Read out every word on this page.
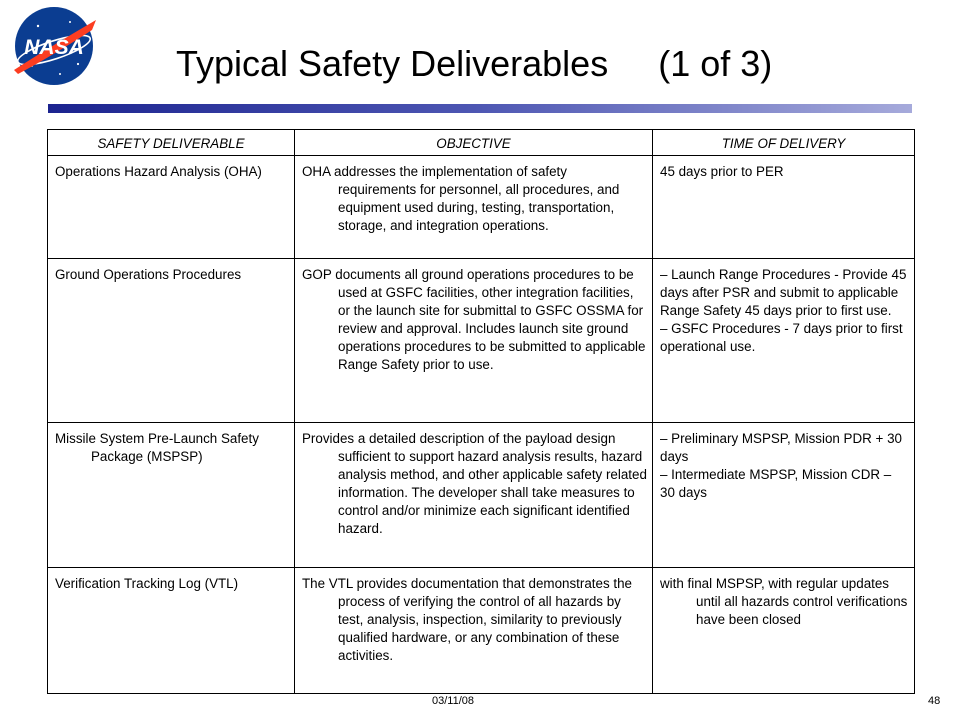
NASA	Typical Safety Deliverables     (1 of 3)
SAFETY DELIVERABLE	OBJECTIVE	TIME OF DELIVERY

Operations Hazard Analysis (OHA)	OHA addresses the implementation of safety requirements for personnel, all procedures, and equipment used during, testing, transportation, storage, and integration operations.	45 days prior to PER

Ground Operations Procedures	GOP documents all ground operations procedures to be used at GSFC facilities, other integration facilities, or the launch site for submittal to GSFC OSSMA for review and approval. Includes launch site ground operations procedures to be submitted to applicable Range Safety prior to use.	– Launch Range Procedures - Provide 45 days after PSR and submit to applicable Range Safety 45 days prior to first use.
– GSFC Procedures - 7 days prior to first operational use.

Missile System Pre-Launch Safety Package (MSPSP)	Provides a detailed description of the payload design sufficient to support hazard analysis results, hazard analysis method, and other applicable safety related information. The developer shall take measures to control and/or minimize each significant identified hazard.	– Preliminary MSPSP, Mission PDR + 30 days
– Intermediate MSPSP, Mission CDR – 30 days

Verification Tracking Log (VTL)	The VTL provides documentation that demonstrates the process of verifying the control of all hazards by test, analysis, inspection, similarity to previously qualified hardware, or any combination of these activities.	with final MSPSP, with regular updates until all hazards control verifications have been closed
03/11/08	48
